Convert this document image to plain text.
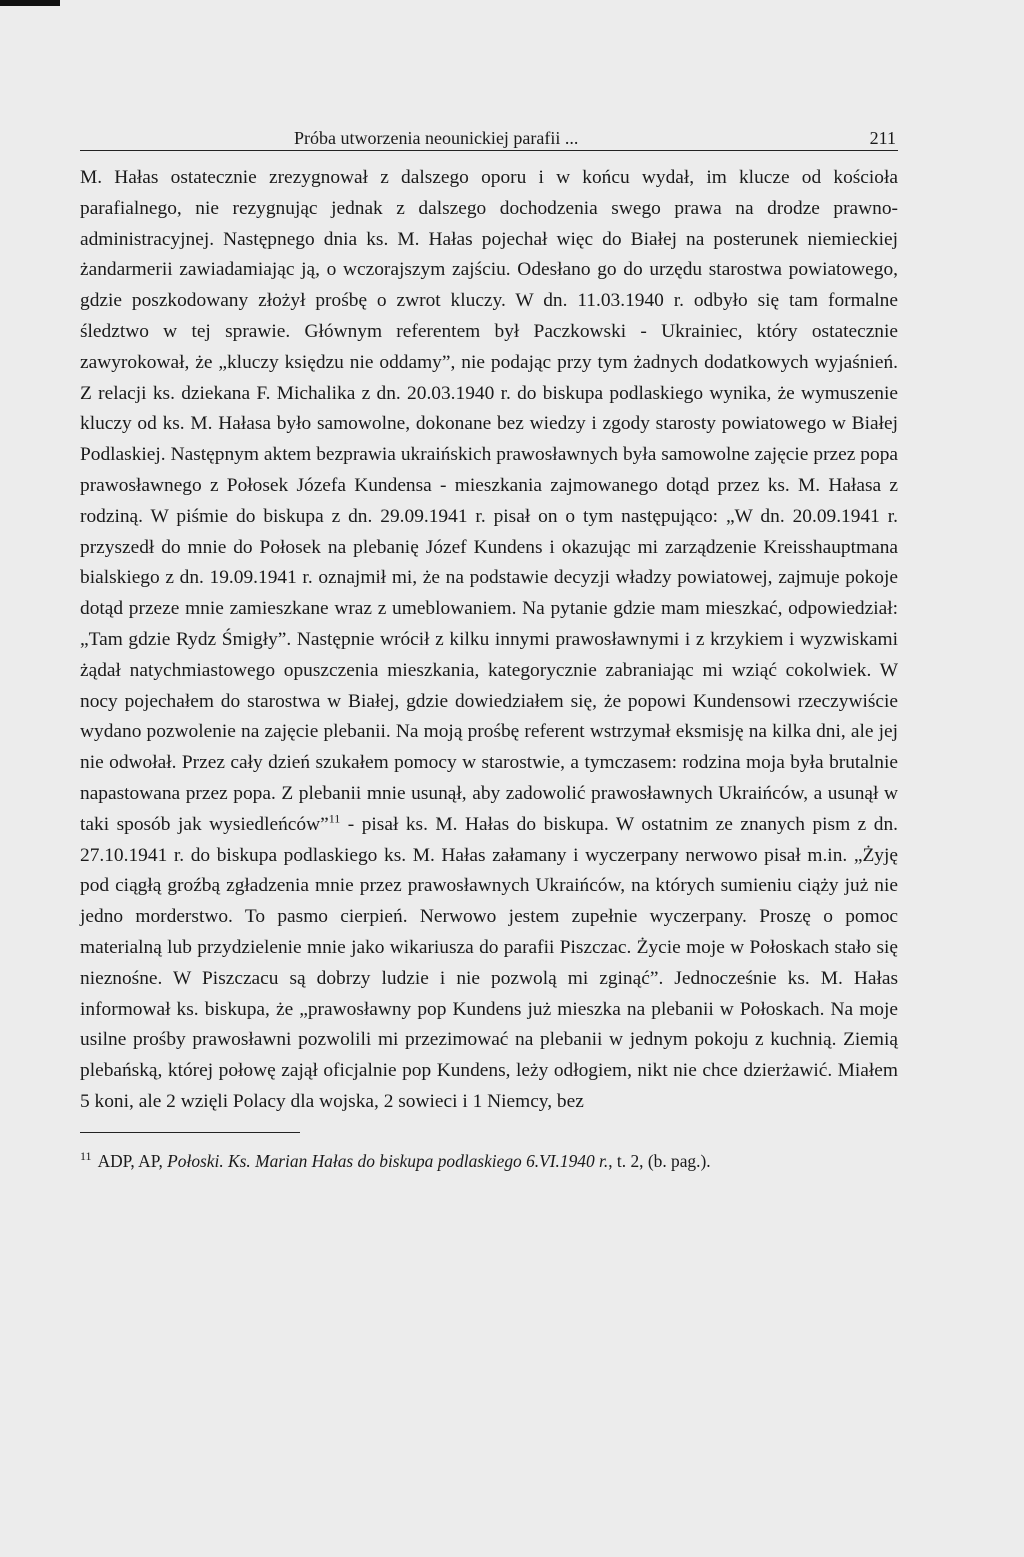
Próba utworzenia neounickiej parafii ...	211

M. Hałas ostatecznie zrezygnował z dalszego oporu i w końcu wydał, im klucze od kościoła parafialnego, nie rezygnując jednak z dalszego dochodzenia swego prawa na drodze prawno-administracyjnej. Następnego dnia ks. M. Hałas pojechał więc do Białej na posterunek niemieckiej żandarmerii zawiadamiając ją, o wczorajszym zajściu. Odesłano go do urzędu starostwa powiatowego, gdzie poszkodowany złożył prośbę o zwrot kluczy. W dn. 11.03.1940 r. odbyło się tam formalne śledztwo w tej sprawie. Głównym referentem był Paczkowski - Ukrainiec, który ostatecznie zawyrokował, że „kluczy księdzu nie oddamy”, nie podając przy tym żadnych dodatkowych wyjaśnień. Z relacji ks. dziekana F. Michalika z dn. 20.03.1940 r. do biskupa podlaskiego wynika, że wymuszenie kluczy od ks. M. Hałasa było samowolne, dokonane bez wiedzy i zgody starosty powiatowego w Białej Podlaskiej. Następnym aktem bezprawia ukraińskich prawosławnych była samowolne zajęcie przez popa prawosławnego z Połosek Józefa Kundensa - mieszkania zajmowanego dotąd przez ks. M. Hałasa z rodziną. W piśmie do biskupa z dn. 29.09.1941 r. pisał on o tym następująco: „W dn. 20.09.1941 r. przyszedł do mnie do Połosek na plebanię Józef Kundens i okazując mi zarządzenie Kreisshauptmana bialskiego z dn. 19.09.1941 r. oznajmił mi, że na podstawie decyzji władzy powiatowej, zajmuje pokoje dotąd przeze mnie zamieszkane wraz z umeblowaniem. Na pytanie gdzie mam mieszkać, odpowiedział: „Tam gdzie Rydz Śmigły”. Następnie wrócił z kilku innymi prawosławnymi i z krzykiem i wyzwiskami żądał natychmiastowego opuszczenia mieszkania, kategorycznie zabraniając mi wziąć cokolwiek. W nocy pojechałem do starostwa w Białej, gdzie dowiedziałem się, że popowi Kundensowi rzeczywiście wydano pozwolenie na zajęcie plebanii. Na moją prośbę referent wstrzymał eksmisję na kilka dni, ale jej nie odwołał. Przez cały dzień szukałem pomocy w starostwie, a tymczasem: rodzina moja była brutalnie napastowana przez popa. Z plebanii mnie usunął, aby zadowolić prawosławnych Ukraińców, a usunął w taki sposób jak wysiedleńców”$^{11}$ - pisał ks. M. Hałas do biskupa. W ostatnim ze znanych pism z dn. 27.10.1941 r. do biskupa podlaskiego ks. M. Hałas załamany i wyczerpany nerwowo pisał m.in. „Żyję pod ciągłą groźbą zgładzenia mnie przez prawosławnych Ukraińców, na których sumieniu ciąży już nie jedno morderstwo. To pasmo cierpień. Nerwowo jestem zupełnie wyczerpany. Proszę o pomoc materialną lub przydzielenie mnie jako wikariusza do parafii Piszczac. Życie moje w Połoskach stało się nieznośne. W Piszczacu są dobrzy ludzie i nie pozwolą mi zginąć”. Jednocześnie ks. M. Hałas informował ks. biskupa, że „prawosławny pop Kundens już mieszka na plebanii w Połoskach. Na moje usilne prośby prawosławni pozwolili mi przezimować na plebanii w jednym pokoju z kuchnią. Ziemią plebańską, której połowę zajął oficjalnie pop Kundens, leży odłogiem, nikt nie chce dzierżawić. Miałem 5 koni, ale 2 wzięli Polacy dla wojska, 2 sowieci i 1 Niemcy, bez

$^{11}$ ADP, AP, Połoski. Ks. Marian Hałas do biskupa podlaskiego 6.VI.1940 r., t. 2, (b. pag.).
